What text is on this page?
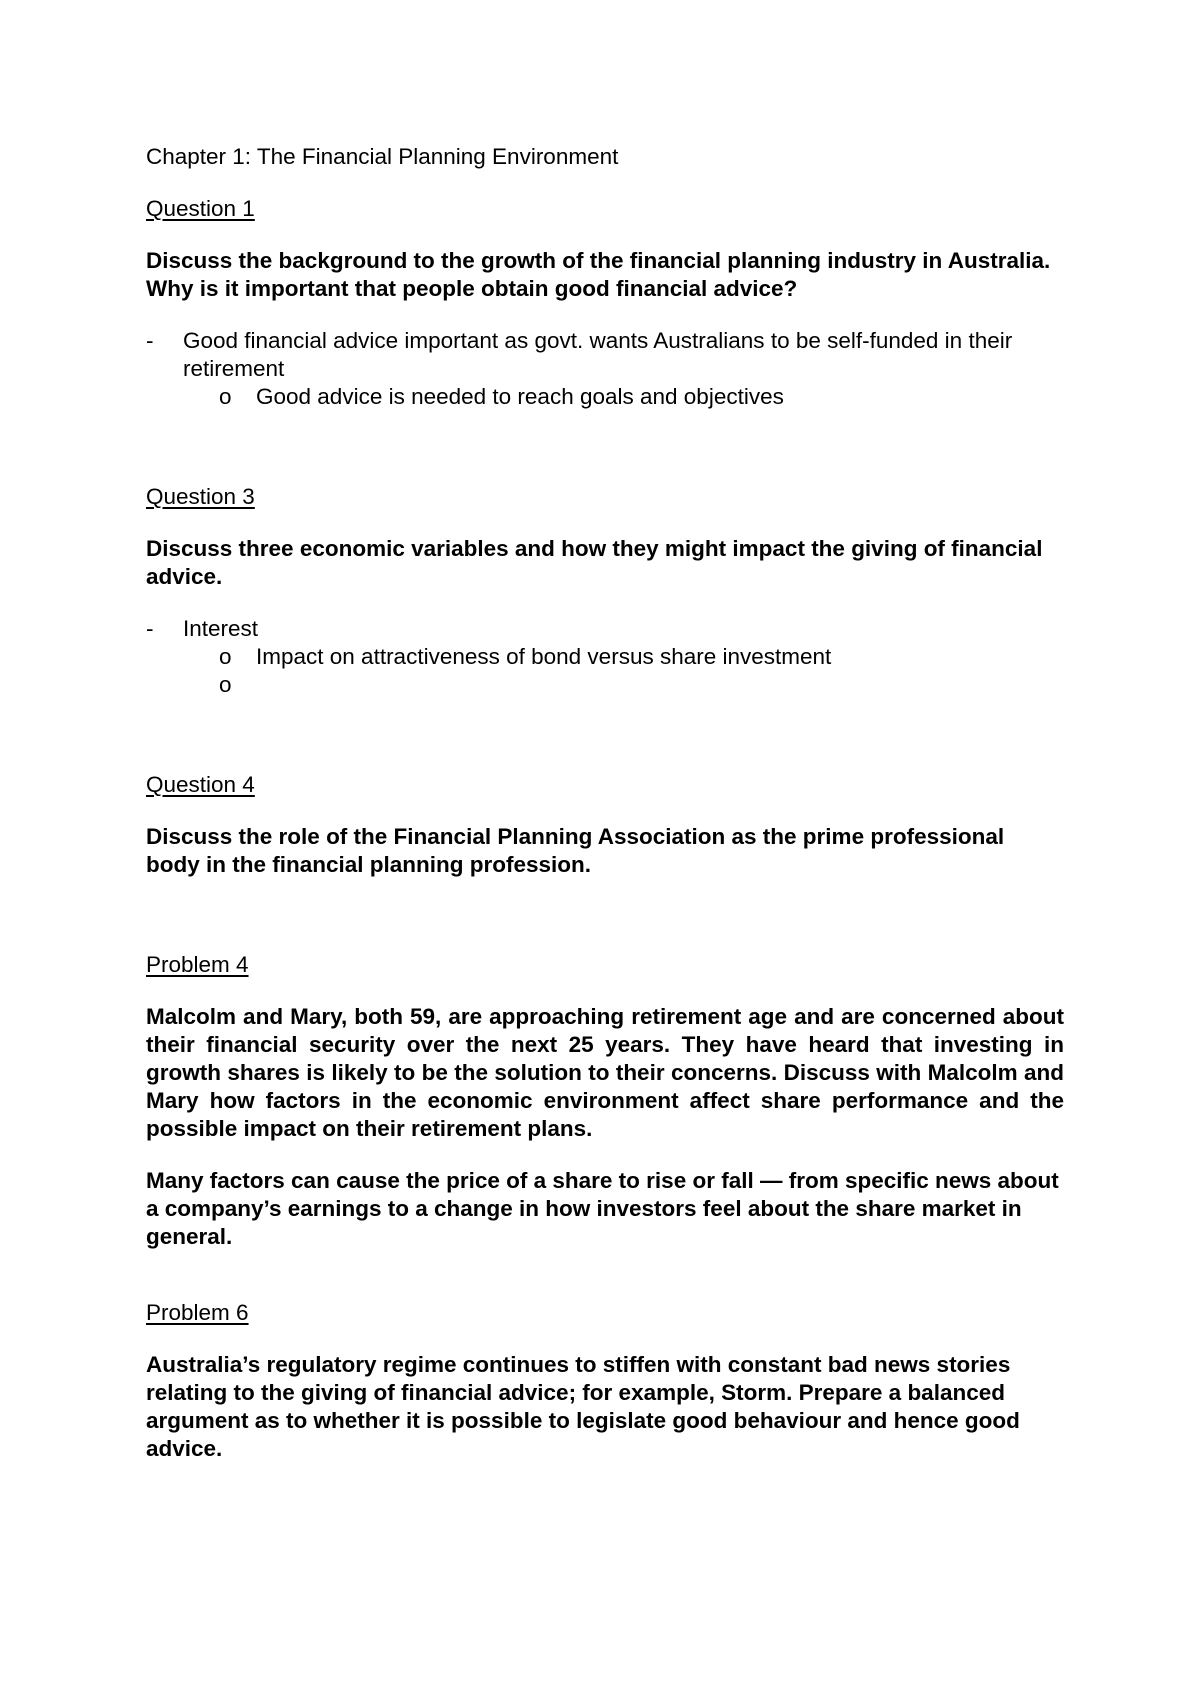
Chapter 1: The Financial Planning Environment

Question 1

Discuss the background to the growth of the financial planning industry in Australia. Why is it important that people obtain good financial advice?

- Good financial advice important as govt. wants Australians to be self-funded in their retirement

o Good advice is needed to reach goals and objectives

Question 3

Discuss three economic variables and how they might impact the giving of financial advice.

- Interest

o Impact on attractiveness of bond versus share investment

o

Question 4

Discuss the role of the Financial Planning Association as the prime professional body in the financial planning profession.

Problem 4

Malcolm and Mary, both 59, are approaching retirement age and are concerned about their financial security over the next 25 years. They have heard that investing in growth shares is likely to be the solution to their concerns. Discuss with Malcolm and Mary how factors in the economic environment affect share performance and the possible impact on their retirement plans.

Many factors can cause the price of a share to rise or fall — from specific news about a company’s earnings to a change in how investors feel about the share market in general.

Problem 6

Australia’s regulatory regime continues to stiffen with constant bad news stories relating to the giving of financial advice; for example, Storm. Prepare a balanced argument as to whether it is possible to legislate good behaviour and hence good advice.
